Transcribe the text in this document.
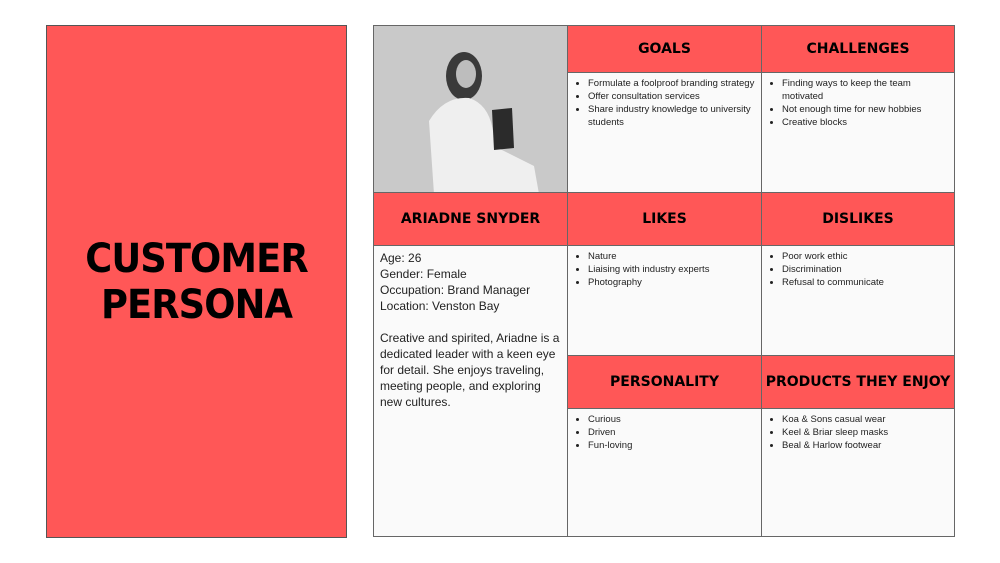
CUSTOMER PERSONA
GOALS
• Formulate a foolproof branding strategy
• Offer consultation services
• Share industry knowledge to university students
CHALLENGES
• Finding ways to keep the team motivated
• Not enough time for new hobbies
• Creative blocks
ARIADNE SNYDER

Age: 26

Gender: Female

Occupation: Brand Manager

Location: Venston Bay

Creative and spirited, Ariadne is a dedicated leader with a keen eye for detail. She enjoys traveling, meeting people, and exploring new cultures.

LIKES
• Nature
• Liaising with industry experts
• Photography
DISLIKES
• Poor work ethic
• Discrimination
• Refusal to communicate
PERSONALITY
• Curious
• Driven
• Fun-loving
PRODUCTS THEY ENJOY
• Koa & Sons casual wear
• Keel & Briar sleep masks
• Beal & Harlow footwear
